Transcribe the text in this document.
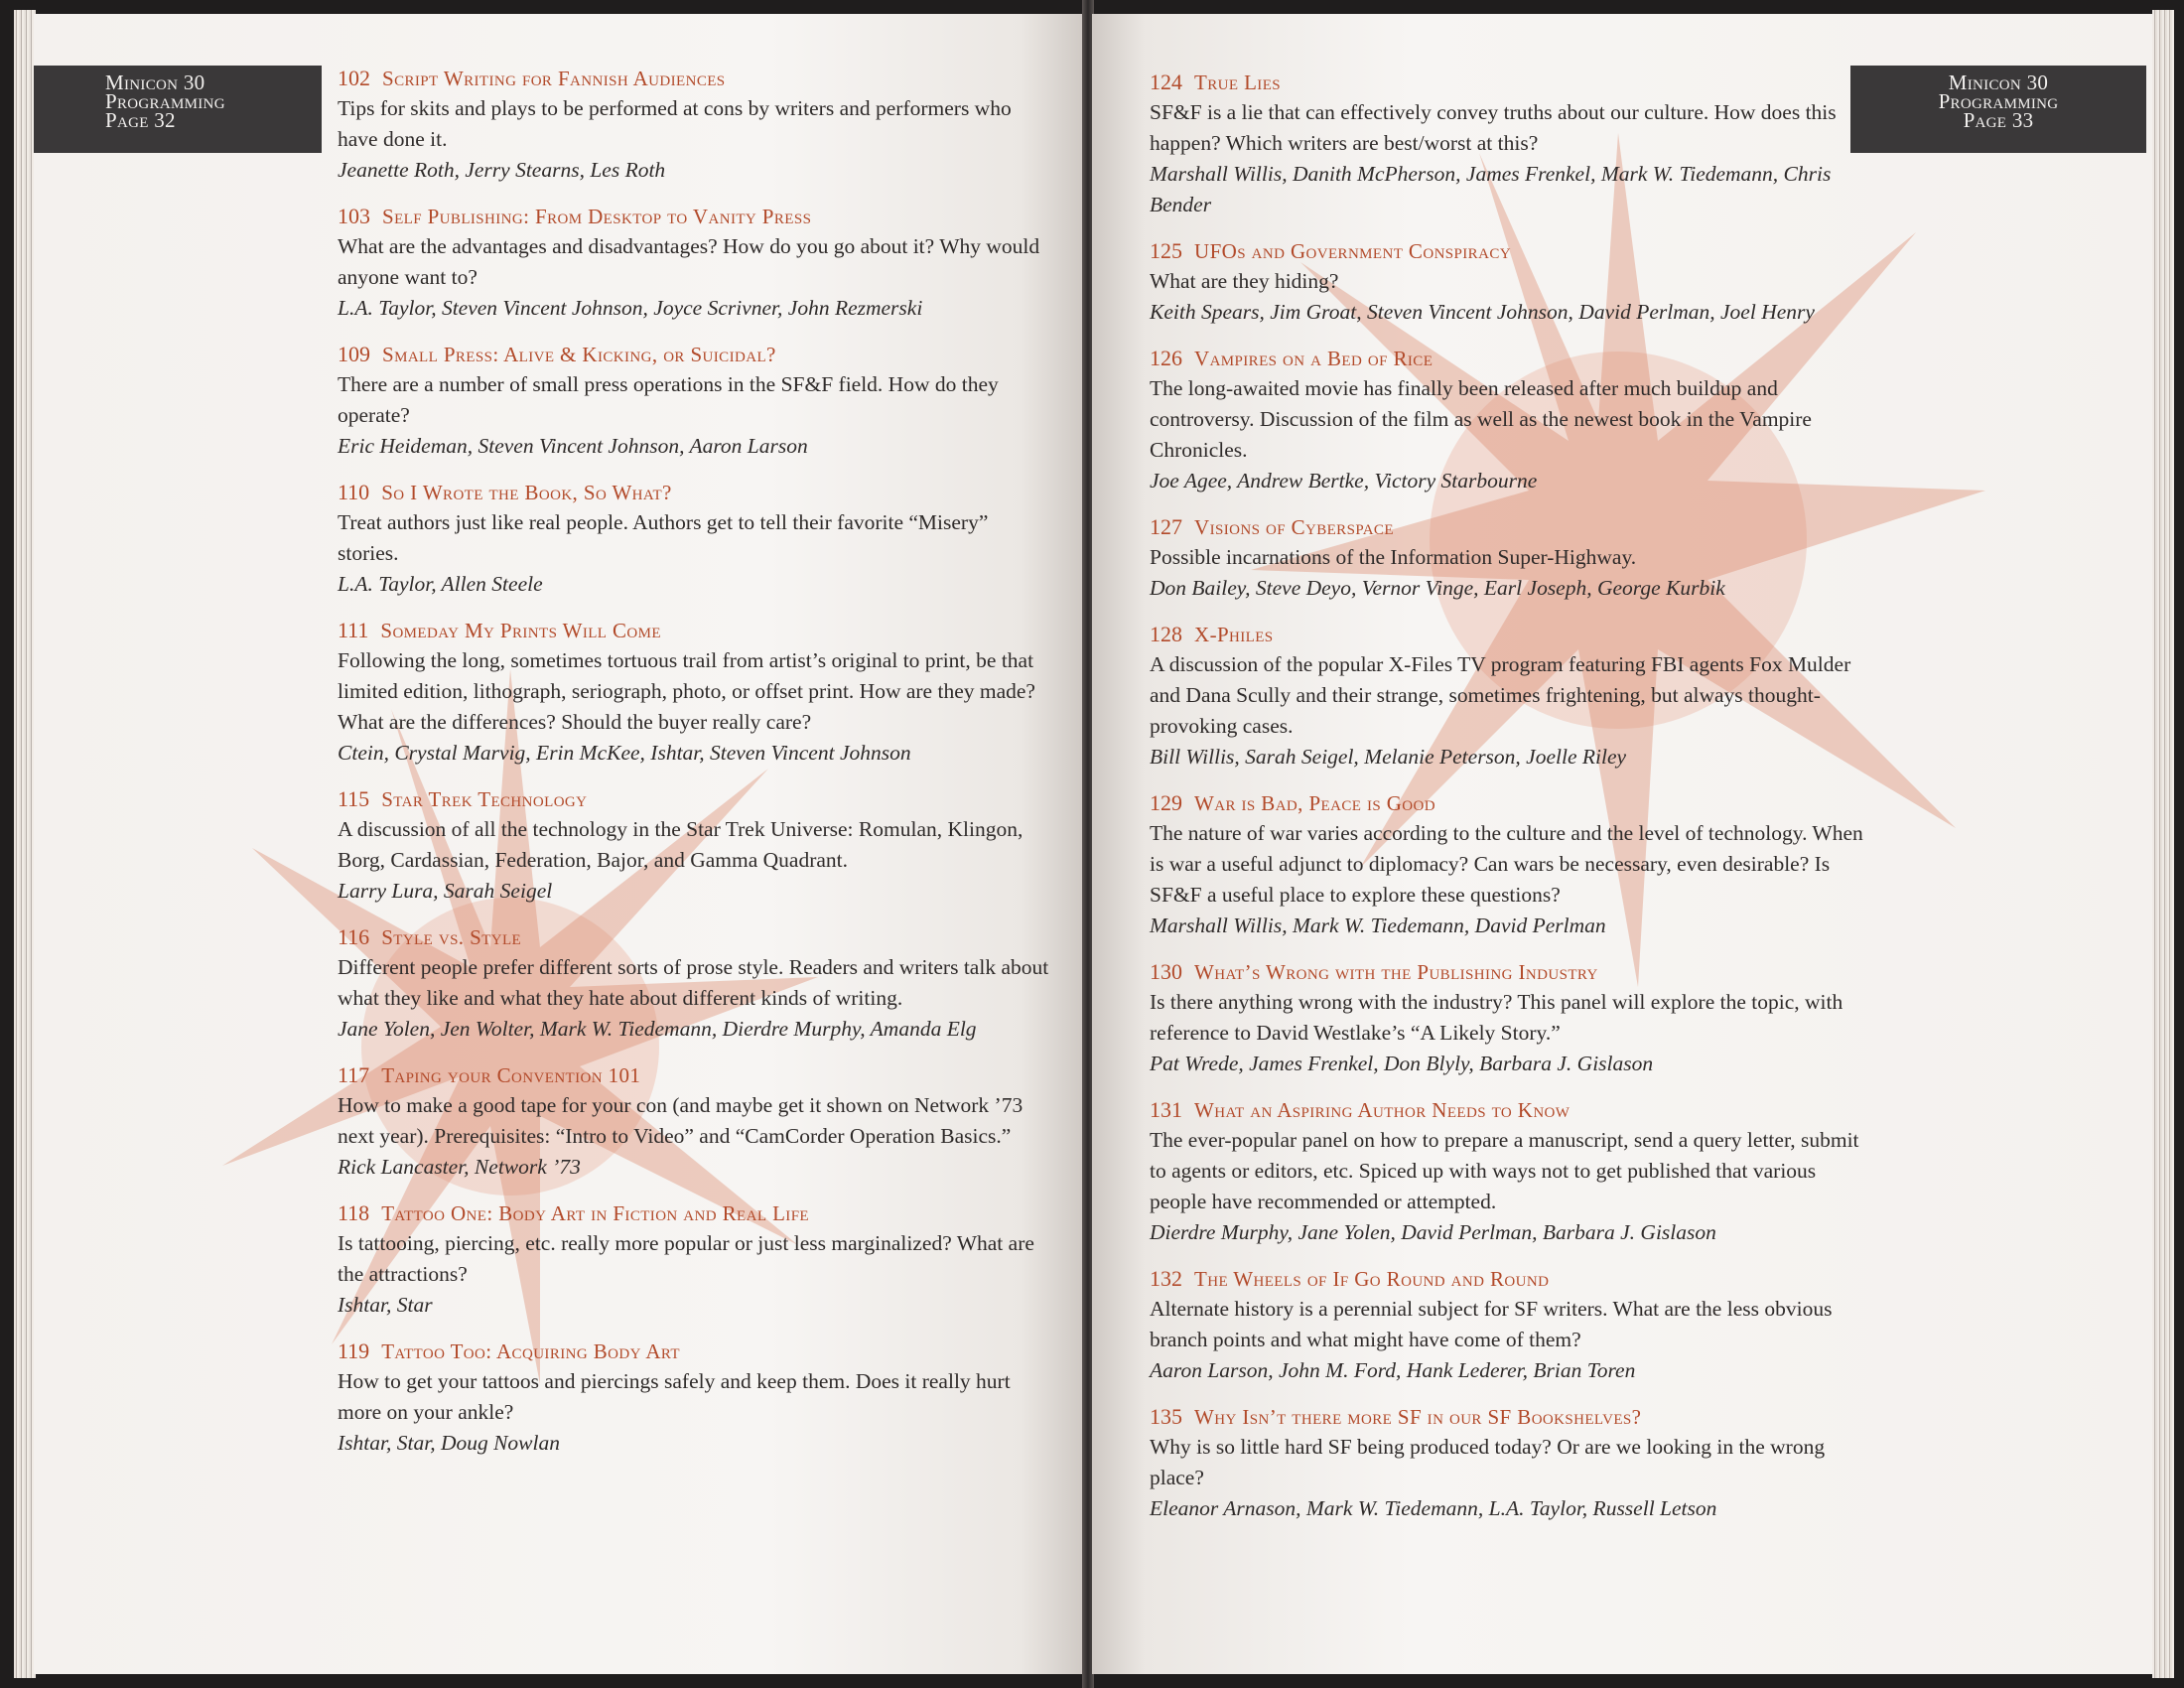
Minicon 30
Programming
Page 32
102 Script Writing for Fannish Audiences
Tips for skits and plays to be performed at cons by writers and performers who have done it.
Jeanette Roth, Jerry Stearns, Les Roth
103 Self Publishing: From Desktop to Vanity Press
What are the advantages and disadvantages? How do you go about it? Why would anyone want to?
L.A. Taylor, Steven Vincent Johnson, Joyce Scrivner, John Rezmerski
109 Small Press: Alive & Kicking, or Suicidal?
There are a number of small press operations in the SF&F field. How do they operate?
Eric Heideman, Steven Vincent Johnson, Aaron Larson
110 So I Wrote the Book, So What?
Treat authors just like real people. Authors get to tell their favorite “Misery” stories.
L.A. Taylor, Allen Steele
111 Someday My Prints Will Come
Following the long, sometimes tortuous trail from artist’s original to print, be that limited edition, lithograph, seriograph, photo, or offset print. How are they made? What are the differences? Should the buyer really care?
Ctein, Crystal Marvig, Erin McKee, Ishtar, Steven Vincent Johnson
115 Star Trek Technology
A discussion of all the technology in the Star Trek Universe: Romulan, Klingon, Borg, Cardassian, Federation, Bajor, and Gamma Quadrant.
Larry Lura, Sarah Seigel
116 Style vs. Style
Different people prefer different sorts of prose style. Readers and writers talk about what they like and what they hate about different kinds of writing.
Jane Yolen, Jen Wolter, Mark W. Tiedemann, Dierdre Murphy, Amanda Elg
117 Taping your Convention 101
How to make a good tape for your con (and maybe get it shown on Network ’73 next year). Prerequisites: “Intro to Video” and “CamCorder Operation Basics.”
Rick Lancaster, Network ’73
118 Tattoo One: Body Art in Fiction and Real Life
Is tattooing, piercing, etc. really more popular or just less marginalized? What are the attractions?
Ishtar, Star
119 Tattoo Too: Acquiring Body Art
How to get your tattoos and piercings safely and keep them. Does it really hurt more on your ankle?
Ishtar, Star, Doug Nowlan
Minicon 30
Programming
Page 33
124 True Lies
SF&F is a lie that can effectively convey truths about our culture. How does this happen? Which writers are best/worst at this?
Marshall Willis, Danith McPherson, James Frenkel, Mark W. Tiedemann, Chris Bender
125 UFOs and Government Conspiracy
What are they hiding?
Keith Spears, Jim Groat, Steven Vincent Johnson, David Perlman, Joel Henry
126 Vampires on a Bed of Rice
The long-awaited movie has finally been released after much buildup and controversy. Discussion of the film as well as the newest book in the Vampire Chronicles.
Joe Agee, Andrew Bertke, Victory Starbourne
127 Visions of Cyberspace
Possible incarnations of the Information Super-Highway.
Don Bailey, Steve Deyo, Vernor Vinge, Earl Joseph, George Kurbik
128 X-Philes
A discussion of the popular X-Files TV program featuring FBI agents Fox Mulder and Dana Scully and their strange, sometimes frightening, but always thought-provoking cases.
Bill Willis, Sarah Seigel, Melanie Peterson, Joelle Riley
129 War is Bad, Peace is Good
The nature of war varies according to the culture and the level of technology. When is war a useful adjunct to diplomacy? Can wars be necessary, even desirable? Is SF&F a useful place to explore these questions?
Marshall Willis, Mark W. Tiedemann, David Perlman
130 What’s Wrong with the Publishing Industry
Is there anything wrong with the industry? This panel will explore the topic, with reference to David Westlake’s “A Likely Story.”
Pat Wrede, James Frenkel, Don Blyly, Barbara J. Gislason
131 What an Aspiring Author Needs to Know
The ever-popular panel on how to prepare a manuscript, send a query letter, submit to agents or editors, etc. Spiced up with ways not to get published that various people have recommended or attempted.
Dierdre Murphy, Jane Yolen, David Perlman, Barbara J. Gislason
132 The Wheels of If Go Round and Round
Alternate history is a perennial subject for SF writers. What are the less obvious branch points and what might have come of them?
Aaron Larson, John M. Ford, Hank Lederer, Brian Toren
135 Why Isn’t there more SF in our SF Bookshelves?
Why is so little hard SF being produced today? Or are we looking in the wrong place?
Eleanor Arnason, Mark W. Tiedemann, L.A. Taylor, Russell Letson
